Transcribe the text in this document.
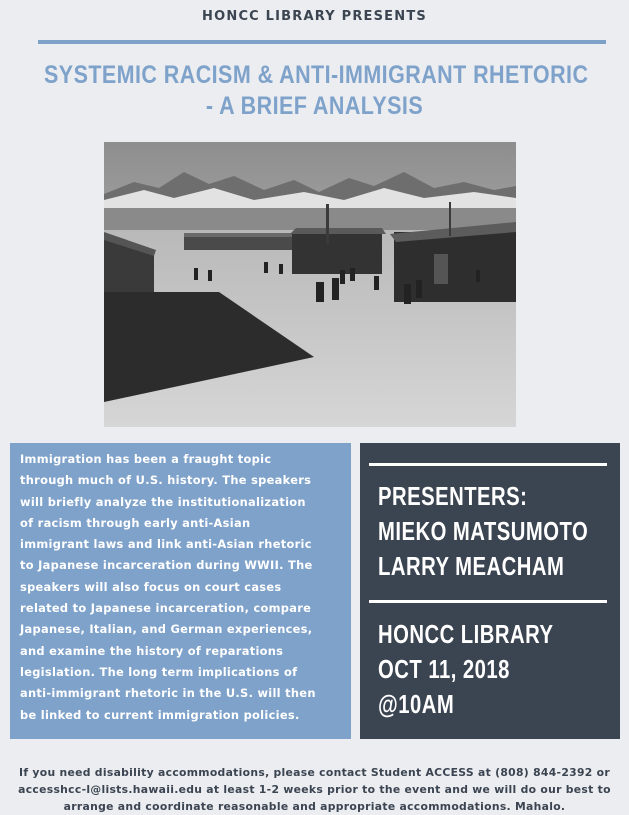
HONCC LIBRARY PRESENTS
SYSTEMIC RACISM & ANTI-IMMIGRANT RHETORIC
- A BRIEF ANALYSIS
Immigration has been a fraught topic
through much of U.S. history. The speakers
will briefly analyze the institutionalization
of racism through early anti-Asian
immigrant laws and link anti-Asian rhetoric
to Japanese incarceration during WWII. The
speakers will also focus on court cases
related to Japanese incarceration, compare
Japanese, Italian, and German experiences,
and examine the history of reparations
legislation. The long term implications of
anti-immigrant rhetoric in the U.S. will then
be linked to current immigration policies.
PRESENTERS:
MIEKO MATSUMOTO
LARRY MEACHAM
HONCC LIBRARY
OCT 11, 2018
@10AM
If you need disability accommodations, please contact Student ACCESS at (808) 844-2392 or
accesshcc-l@lists.hawaii.edu at least 1-2 weeks prior to the event and we will do our best to
arrange and coordinate reasonable and appropriate accommodations. Mahalo.
